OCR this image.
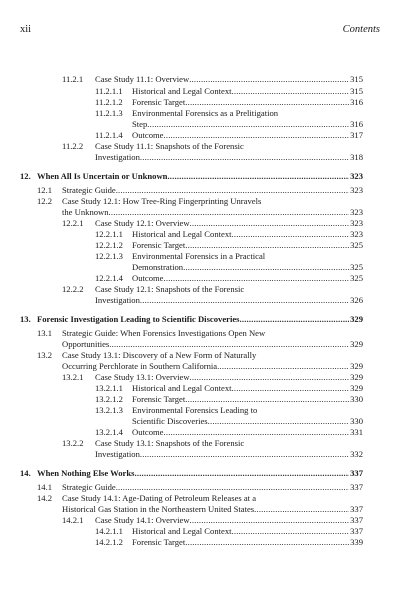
xii	Contents
11.2.1 Case Study 11.1: Overview .....	315
11.2.1.1 Historical and Legal Context .....	315
11.2.1.2 Forensic Target .....	316
11.2.1.3 Environmental Forensics as a Prelitigation
Step .....	316
11.2.1.4 Outcome .....	317
11.2.2 Case Study 11.1: Snapshots of the Forensic
Investigation .....	318
12. When All Is Uncertain or Unknown .....	323
12.1 Strategic Guide .....	323
12.2 Case Study 12.1: How Tree-Ring Fingerprinting Unravels
the Unknown .....	323
12.2.1 Case Study 12.1: Overview .....	323
12.2.1.1 Historical and Legal Context .....	323
12.2.1.2 Forensic Target .....	325
12.2.1.3 Environmental Forensics in a Practical
Demonstration .....	325
12.2.1.4 Outcome .....	325
12.2.2 Case Study 12.1: Snapshots of the Forensic
Investigation .....	326
13. Forensic Investigation Leading to Scientific Discoveries .....	329
13.1 Strategic Guide: When Forensics Investigations Open New
Opportunities .....	329
13.2 Case Study 13.1: Discovery of a New Form of Naturally
Occurring Perchlorate in Southern California .....	329
13.2.1 Case Study 13.1: Overview .....	329
13.2.1.1 Historical and Legal Context .....	329
13.2.1.2 Forensic Target .....	330
13.2.1.3 Environmental Forensics Leading to
Scientific Discoveries .....	330
13.2.1.4 Outcome .....	331
13.2.2 Case Study 13.1: Snapshots of the Forensic
Investigation .....	332
14. When Nothing Else Works .....	337
14.1 Strategic Guide .....	337
14.2 Case Study 14.1: Age-Dating of Petroleum Releases at a
Historical Gas Station in the Northeastern United States .....	337
14.2.1 Case Study 14.1: Overview .....	337
14.2.1.1 Historical and Legal Context .....	337
14.2.1.2 Forensic Target .....	339
